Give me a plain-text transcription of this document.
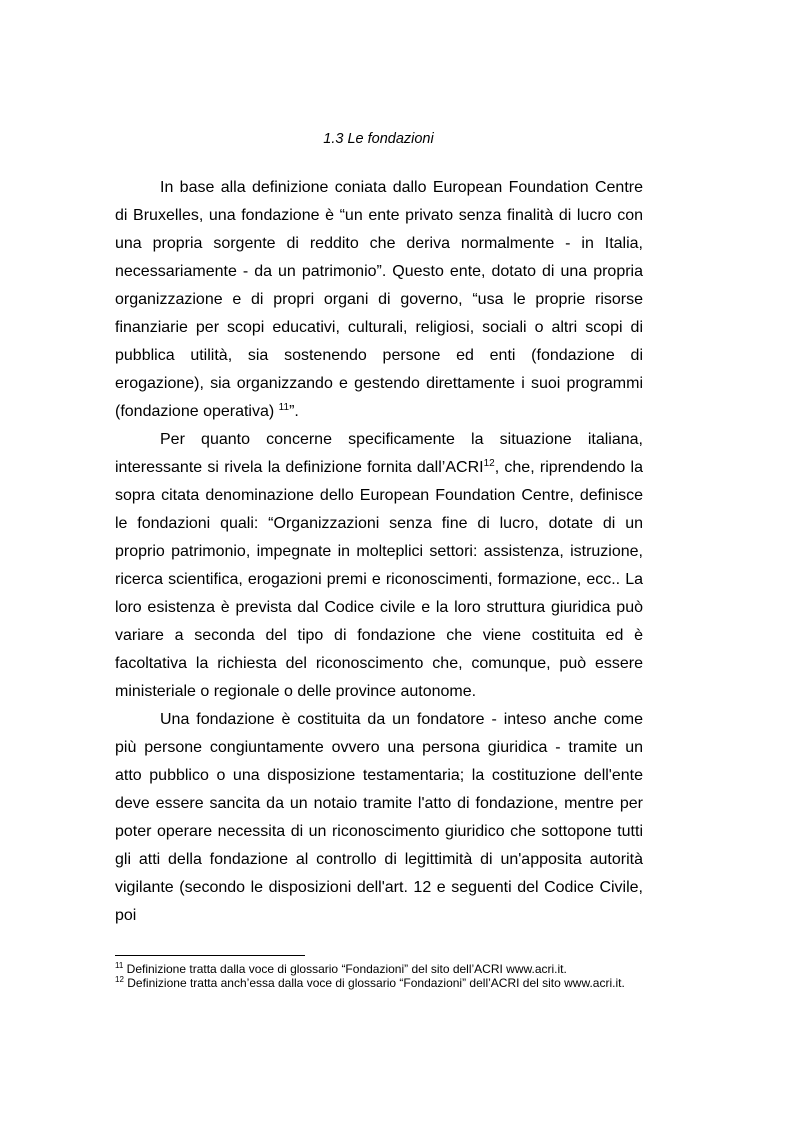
1.3 Le fondazioni

In base alla definizione coniata dallo European Foundation Centre di Bruxelles, una fondazione è “un ente privato senza finalità di lucro con una propria sorgente di reddito che deriva normalmente - in Italia, necessariamente - da un patrimonio”. Questo ente, dotato di una propria organizzazione e di propri organi di governo, “usa le proprie risorse finanziarie per scopi educativi, culturali, religiosi, sociali o altri scopi di pubblica utilità, sia sostenendo persone ed enti (fondazione di erogazione), sia organizzando e gestendo direttamente i suoi programmi (fondazione operativa) $^{11}$”.

Per quanto concerne specificamente la situazione italiana, interessante si rivela la definizione fornita dall’ACRI$^{12}$, che, riprendendo la sopra citata denominazione dello European Foundation Centre, definisce le fondazioni quali: “Organizzazioni senza fine di lucro, dotate di un proprio patrimonio, impegnate in molteplici settori: assistenza, istruzione, ricerca scientifica, erogazioni premi e riconoscimenti, formazione, ecc.. La loro esistenza è prevista dal Codice civile e la loro struttura giuridica può variare a seconda del tipo di fondazione che viene costituita ed è facoltativa la richiesta del riconoscimento che, comunque, può essere ministeriale o regionale o delle province autonome.

Una fondazione è costituita da un fondatore - inteso anche come più persone congiuntamente ovvero una persona giuridica - tramite un atto pubblico o una disposizione testamentaria; la costituzione dell'ente deve essere sancita da un notaio tramite l'atto di fondazione, mentre per poter operare necessita di un riconoscimento giuridico che sottopone tutti gli atti della fondazione al controllo di legittimità di un'apposita autorità vigilante (secondo le disposizioni dell'art. 12 e seguenti del Codice Civile, poi

$^{11}$ Definizione tratta dalla voce di glossario “Fondazioni” del sito dell’ACRI www.acri.it.

$^{12}$ Definizione tratta anch’essa dalla voce di glossario “Fondazioni” dell’ACRI del sito www.acri.it.
